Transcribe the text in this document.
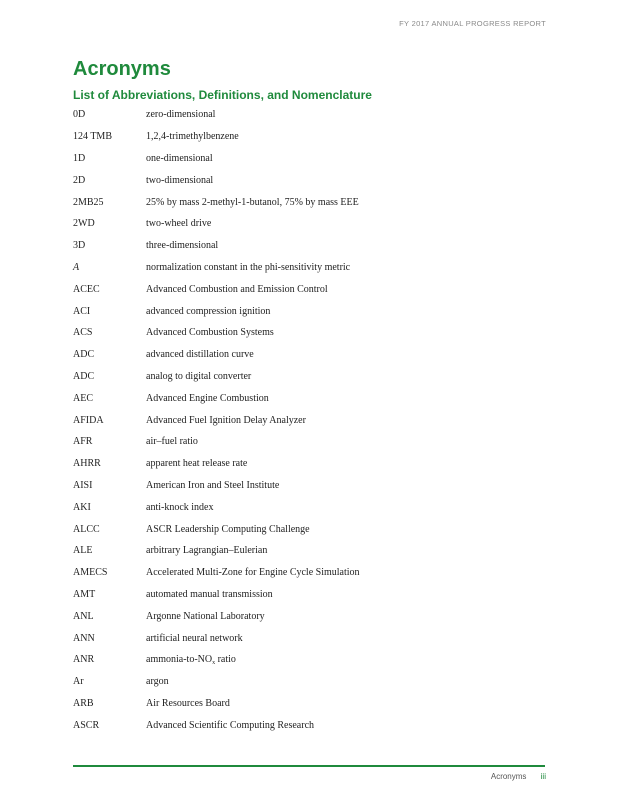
FY 2017 ANNUAL PROGRESS REPORT
Acronyms
List of Abbreviations, Definitions, and Nomenclature
0D	zero-dimensional
124 TMB	1,2,4-trimethylbenzene
1D	one-dimensional
2D	two-dimensional
2MB25	25% by mass 2-methyl-1-butanol, 75% by mass EEE
2WD	two-wheel drive
3D	three-dimensional
A	normalization constant in the phi-sensitivity metric
ACEC	Advanced Combustion and Emission Control
ACI	advanced compression ignition
ACS	Advanced Combustion Systems
ADC	advanced distillation curve
ADC	analog to digital converter
AEC	Advanced Engine Combustion
AFIDA	Advanced Fuel Ignition Delay Analyzer
AFR	air–fuel ratio
AHRR	apparent heat release rate
AISI	American Iron and Steel Institute
AKI	anti-knock index
ALCC	ASCR Leadership Computing Challenge
ALE	arbitrary Lagrangian–Eulerian
AMECS	Accelerated Multi-Zone for Engine Cycle Simulation
AMT	automated manual transmission
ANL	Argonne National Laboratory
ANN	artificial neural network
ANR	ammonia-$to-NO_x$ ratio
Ar	argon
ARB	Air Resources Board
ASCR	Advanced Scientific Computing Research
Acronyms iii
